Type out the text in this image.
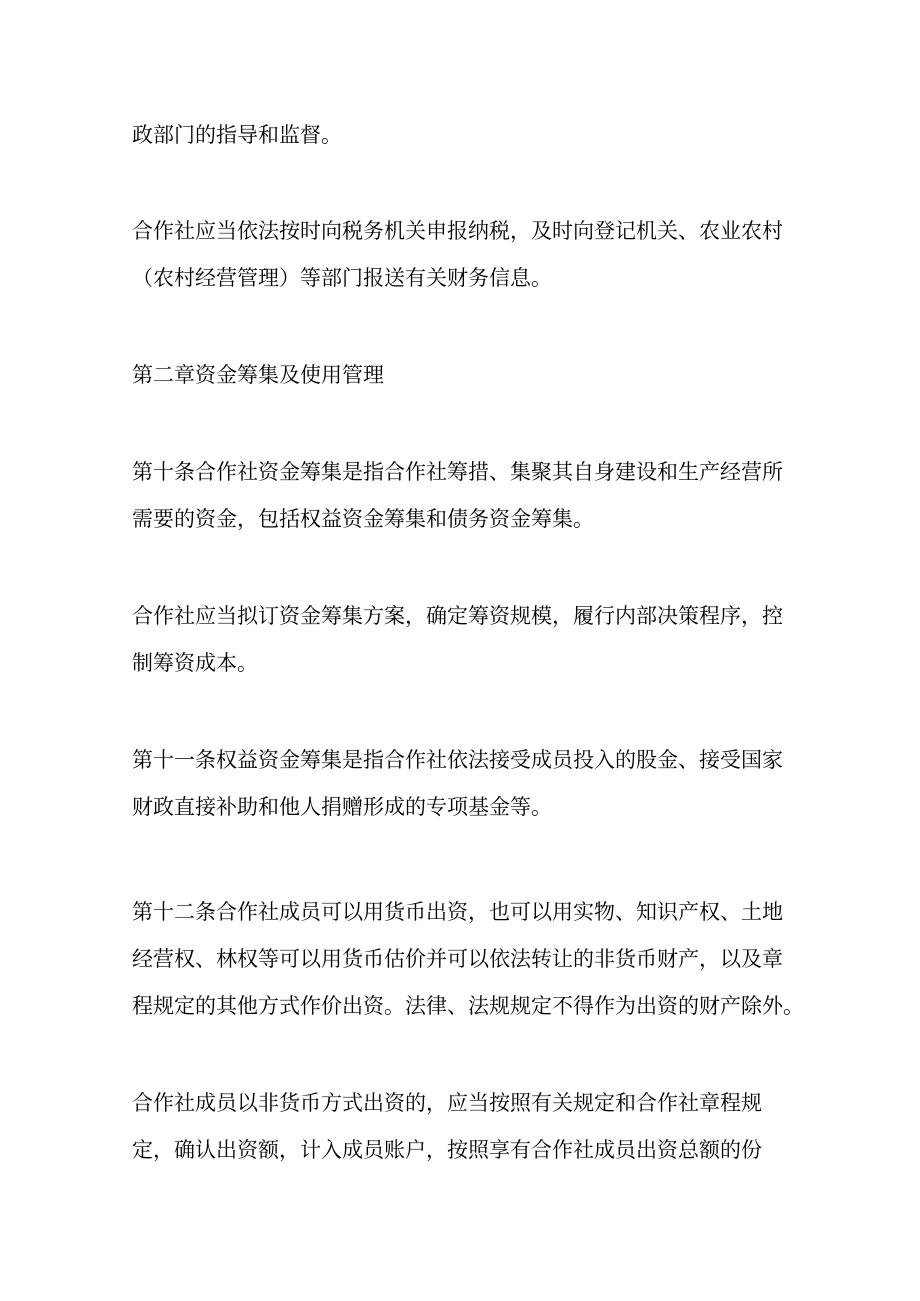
政部门的指导和监督。

合作社应当依法按时向税务机关申报纳税，及时向登记机关、农业农村
（农村经营管理）等部门报送有关财务信息。

第二章资金筹集及使用管理

第十条合作社资金筹集是指合作社筹措、集聚其自身建设和生产经营所
需要的资金，包括权益资金筹集和债务资金筹集。

合作社应当拟订资金筹集方案，确定筹资规模，履行内部决策程序，控
制筹资成本。

第十一条权益资金筹集是指合作社依法接受成员投入的股金、接受国家
财政直接补助和他人捐赠形成的专项基金等。

第十二条合作社成员可以用货币出资，也可以用实物、知识产权、土地
经营权、林权等可以用货币估价并可以依法转让的非货币财产，以及章
程规定的其他方式作价出资。法律、法规规定不得作为出资的财产除外。

合作社成员以非货币方式出资的，应当按照有关规定和合作社章程规
定，确认出资额，计入成员账户，按照享有合作社成员出资总额的份
